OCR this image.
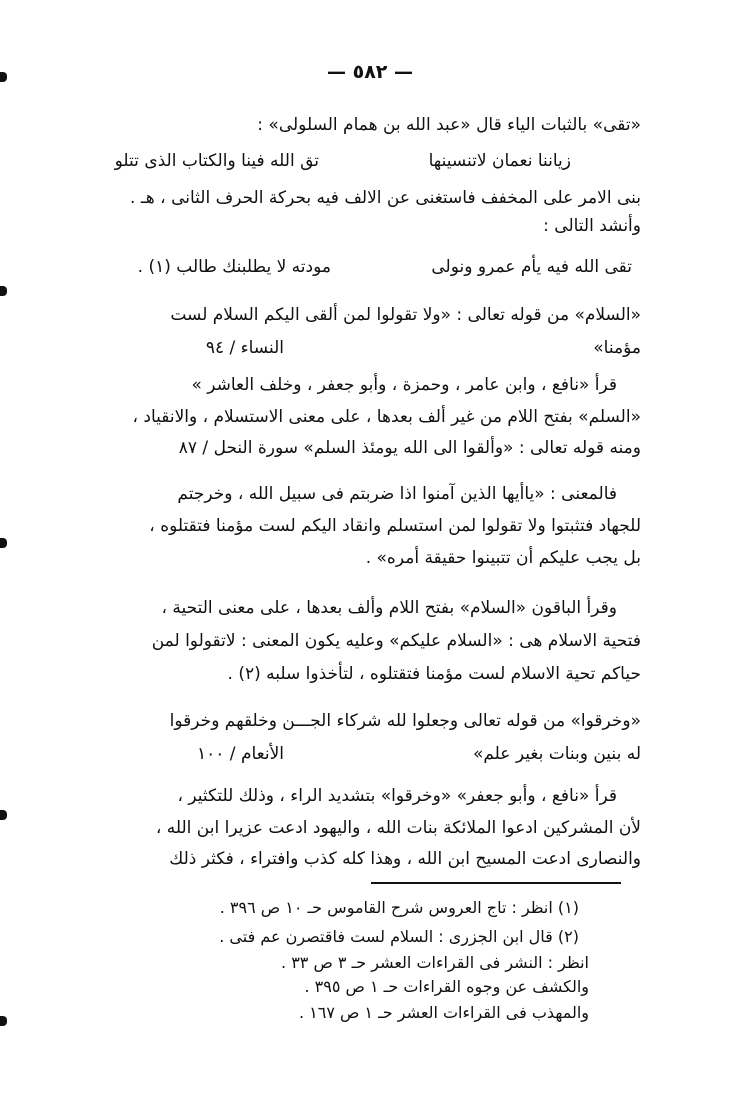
— ٥٨٢ —
«تقى» بالثبات الياء قال «عبد الله بن همام السلولى» :
زياننا نعمان لاتنسينها
تق الله فينا والكتاب الذى تتلو
بنى الامر على المخفف فاستغنى عن الالف فيه بحركة الحرف الثانى ، هـ .
وأنشد التالى :
تقى الله فيه يأم عمرو ونولى
مودته لا يطلبنك طالب (١) .
«السلام» من قوله تعالى : «ولا تقولوا لمن ألقى اليكم السلام لست
مؤمنا»
النساء / ٩٤
قرأ «نافع ، وابن عامر ، وحمزة ، وأبو جعفر ، وخلف العاشر »
«السلم» بفتح اللام من غير ألف بعدها ، على معنى الاستسلام ، والانقياد ،
ومنه قوله تعالى : «وألقوا الى الله يومئذ السلم» سورة النحل / ٨٧
فالمعنى : «ياأيها الذين آمنوا اذا ضربتم فى سبيل الله ، وخرجتم
للجهاد فتثبتوا ولا تقولوا لمن استسلم وانقاد اليكم لست مؤمنا فتقتلوه ،
بل يجب عليكم أن تتبينوا حقيقة أمره» .
وقرأ الباقون «السلام» بفتح اللام وألف بعدها ، على معنى التحية ،
فتحية الاسلام هى : «السلام عليكم» وعليه يكون المعنى : لاتقولوا لمن
حياكم تحية الاسلام لست مؤمنا فتقتلوه ، لتأخذوا سلبه (٢) .
«وخرقوا» من قوله تعالى وجعلوا لله شركاء الجـــن وخلقهم وخرقوا
له بنين وبنات بغير علم»
الأنعام / ١٠٠
قرأ «نافع ، وأبو جعفر» «وخرقوا» بتشديد الراء ، وذلك للتكثير ،
لأن المشركين ادعوا الملائكة بنات الله ، واليهود ادعت عزيرا ابن الله ،
والنصارى ادعت المسيح ابن الله ، وهذا كله كذب وافتراء ، فكثر ذلك
(١) انظر : تاج العروس شرح القاموس حـ ١٠ ص ٣٩٦ .
(٢) قال ابن الجزرى : السلام لست فاقتصرن عم فتى .
انظر : النشر فى القراءات العشر حـ ٣ ص ٣٣ .
والكشف عن وجوه القراءات حـ ١ ص ٣٩٥ .
والمهذب فى القراءات العشر حـ ١ ص ١٦٧ .
